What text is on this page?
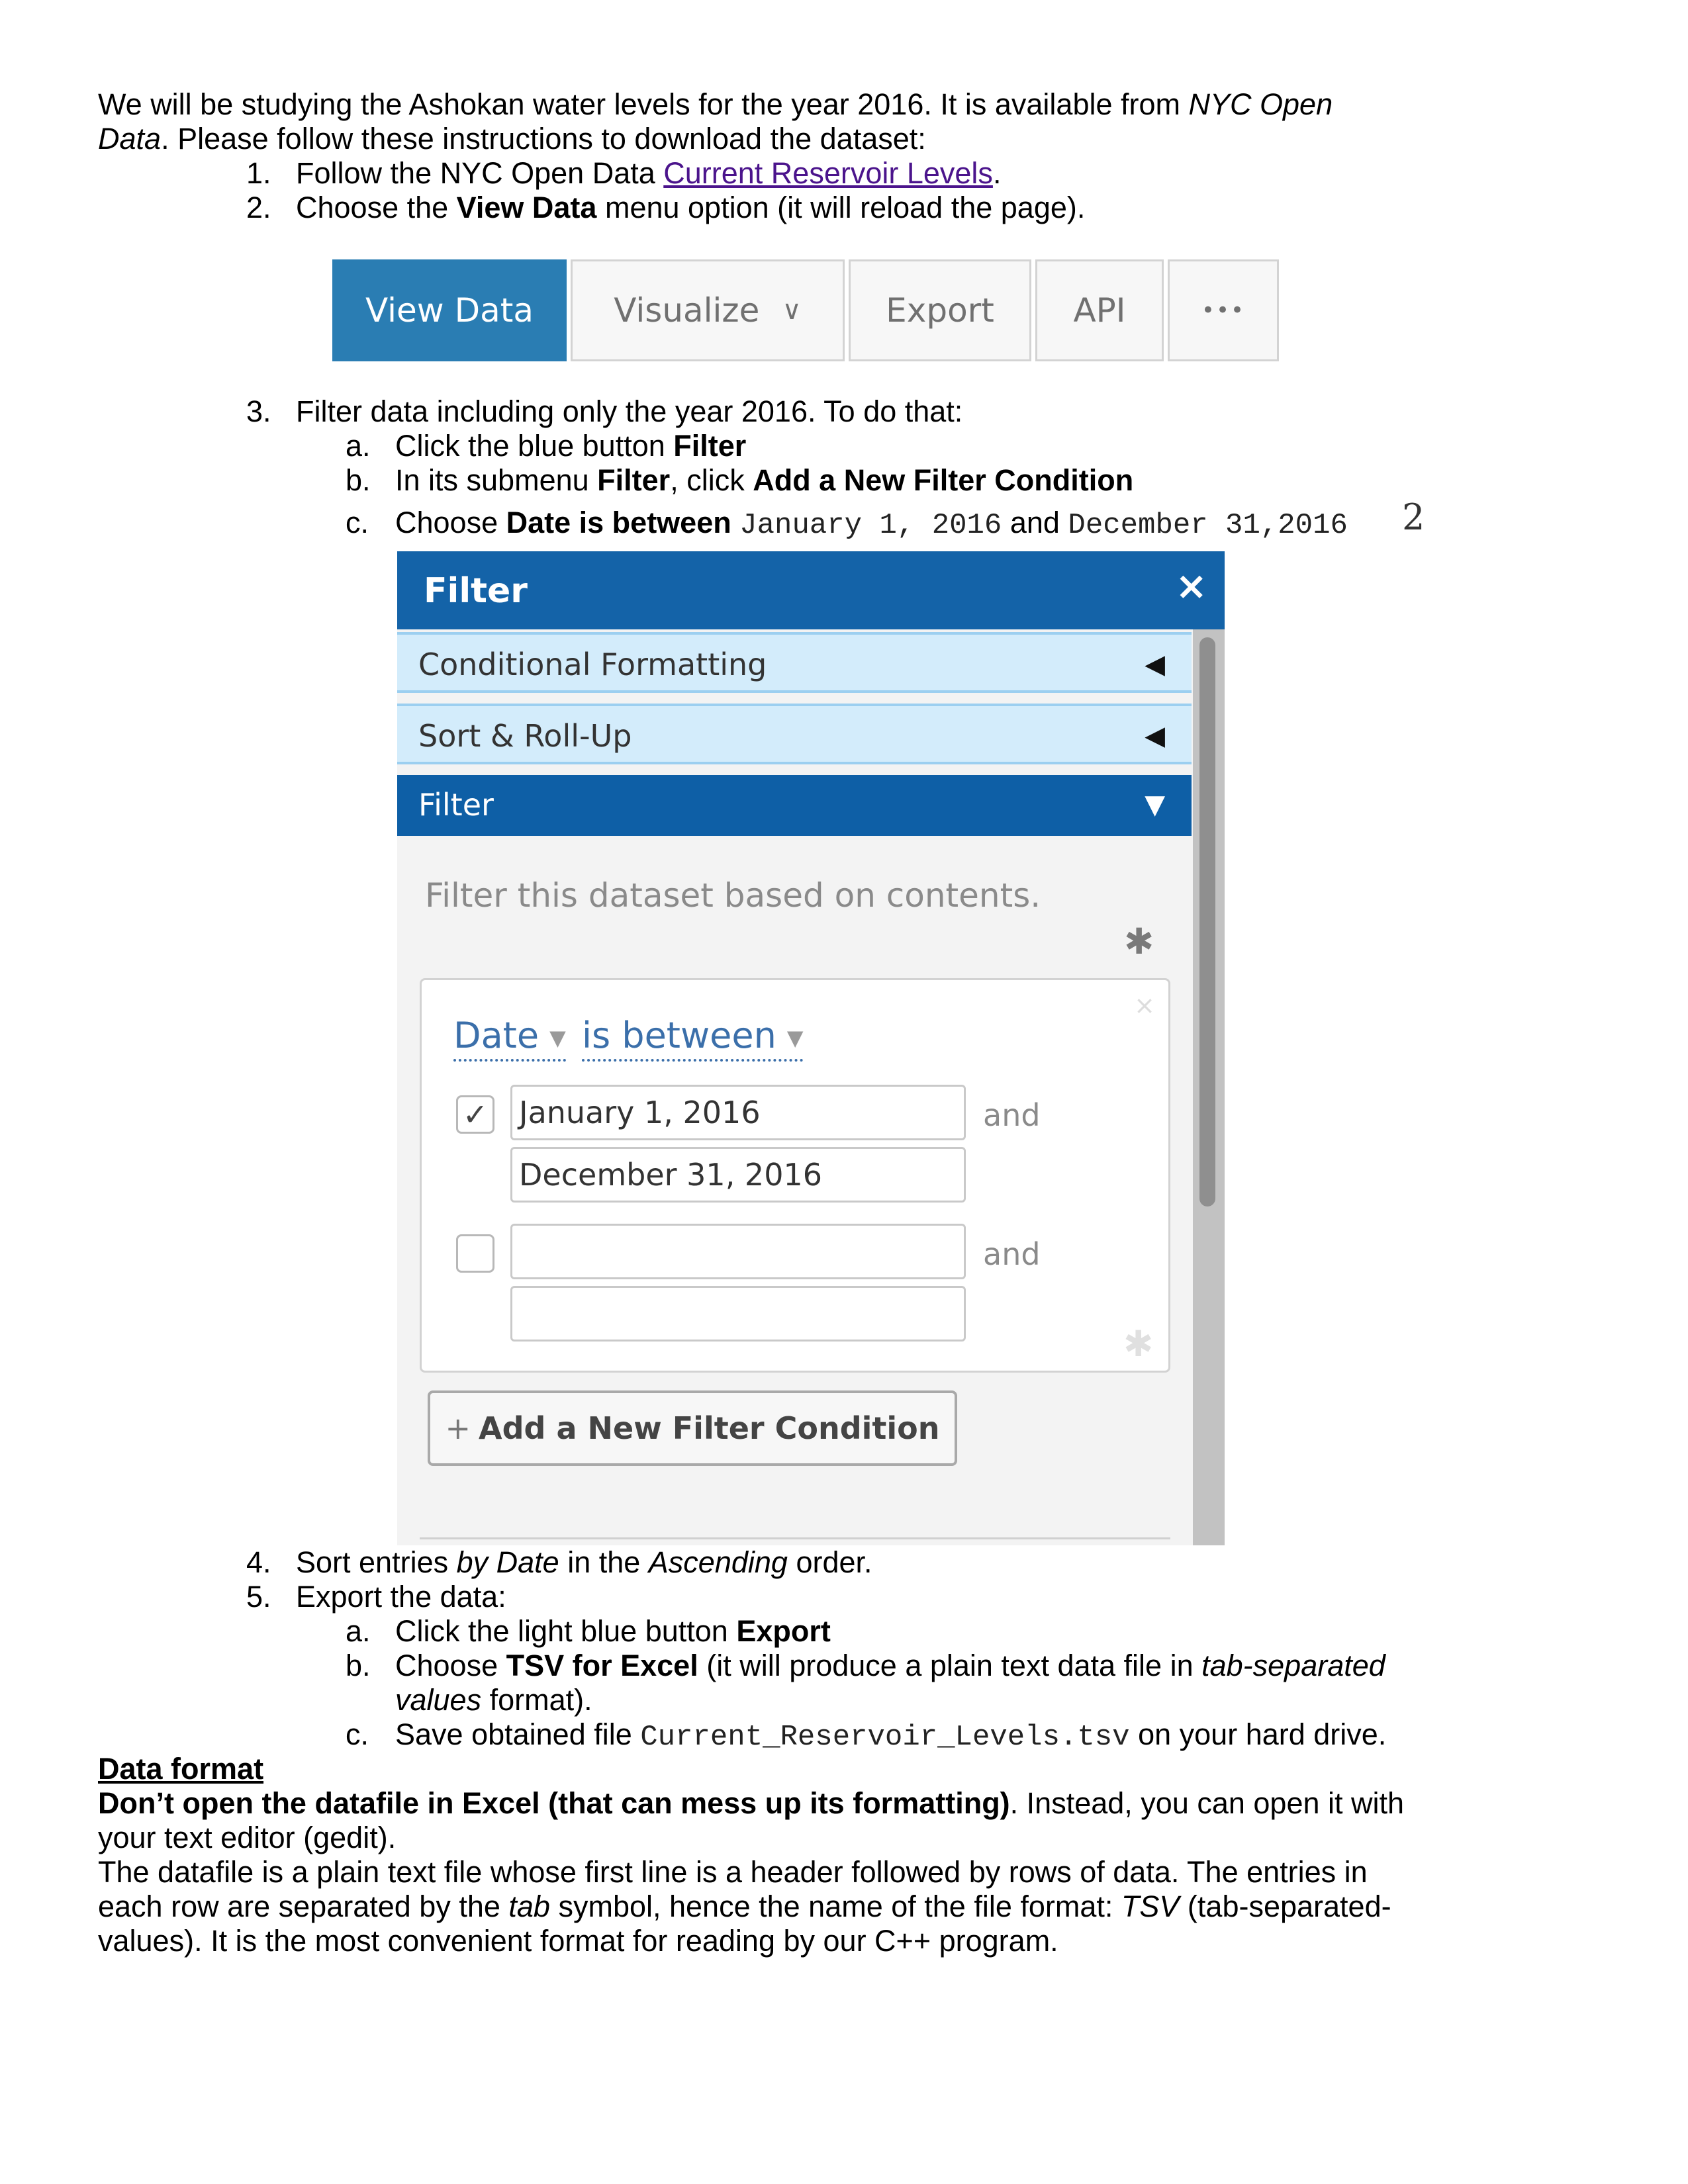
We will be studying the Ashokan water levels for the year 2016. It is available from NYC Open
Data. Please follow these instructions to download the dataset:
1. Follow the NYC Open Data Current Reservoir Levels.
2. Choose the View Data menu option (it will reload the page).
View Data Visualize ∨	Export API	•••
3. Filter data including only the year 2016. To do that:
a. Click the blue button Filter
b. In its submenu Filter, click Add a New Filter Condition
c. Choose Date is between January 1, 2016 and December 31,2016 2
Filter	×
Conditional Formatting	◀
Sort & Roll-Up	◀
Filter	▼
Filter this dataset based on contents.
✱
×
Date ▼ is between ▼
✓ January 1, 2016	and
December 31, 2016
and
✱
+ Add a New Filter Condition
4. Sort entries by Date in the Ascending order.
5. Export the data:
a. Click the light blue button Export
b. Choose TSV for Excel (it will produce a plain text data file in tab-separated
values format).
c. Save obtained file Current_Reservoir_Levels.tsv on your hard drive.
Data format
Don’t open the datafile in Excel (that can mess up its formatting). Instead, you can open it with
your text editor (gedit).
The datafile is a plain text file whose first line is a header followed by rows of data. The entries in
each row are separated by the tab symbol, hence the name of the file format: TSV (tab-separated-
values). It is the most convenient format for reading by our C++ program.
